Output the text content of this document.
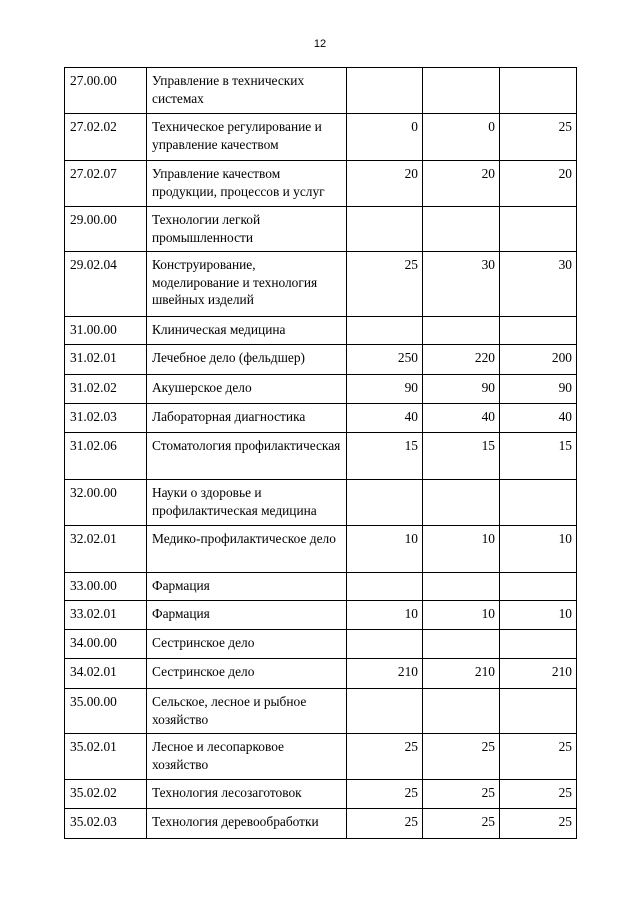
12
27.00.00	Управление в технических системах			
27.02.02	Техническое регулирование и управление качеством	0	0	25
27.02.07	Управление качеством продукции, процессов и услуг	20	20	20
29.00.00	Технологии легкой промышленности			
29.02.04	Конструирование, моделирование и технология швейных изделий	25	30	30
31.00.00	Клиническая медицина			
31.02.01	Лечебное дело (фельдшер)	250	220	200
31.02.02	Акушерское дело	90	90	90
31.02.03	Лабораторная диагностика	40	40	40
31.02.06	Стоматология профилактическая	15	15	15
32.00.00	Науки о здоровье и профилактическая медицина			
32.02.01	Медико-профилактическое дело	10	10	10
33.00.00	Фармация			
33.02.01	Фармация	10	10	10
34.00.00	Сестринское дело			
34.02.01	Сестринское дело	210	210	210
35.00.00	Сельское, лесное и рыбное хозяйство			
35.02.01	Лесное и лесопарковое хозяйство	25	25	25
35.02.02	Технология лесозаготовок	25	25	25
35.02.03	Технология деревообработки	25	25	25
